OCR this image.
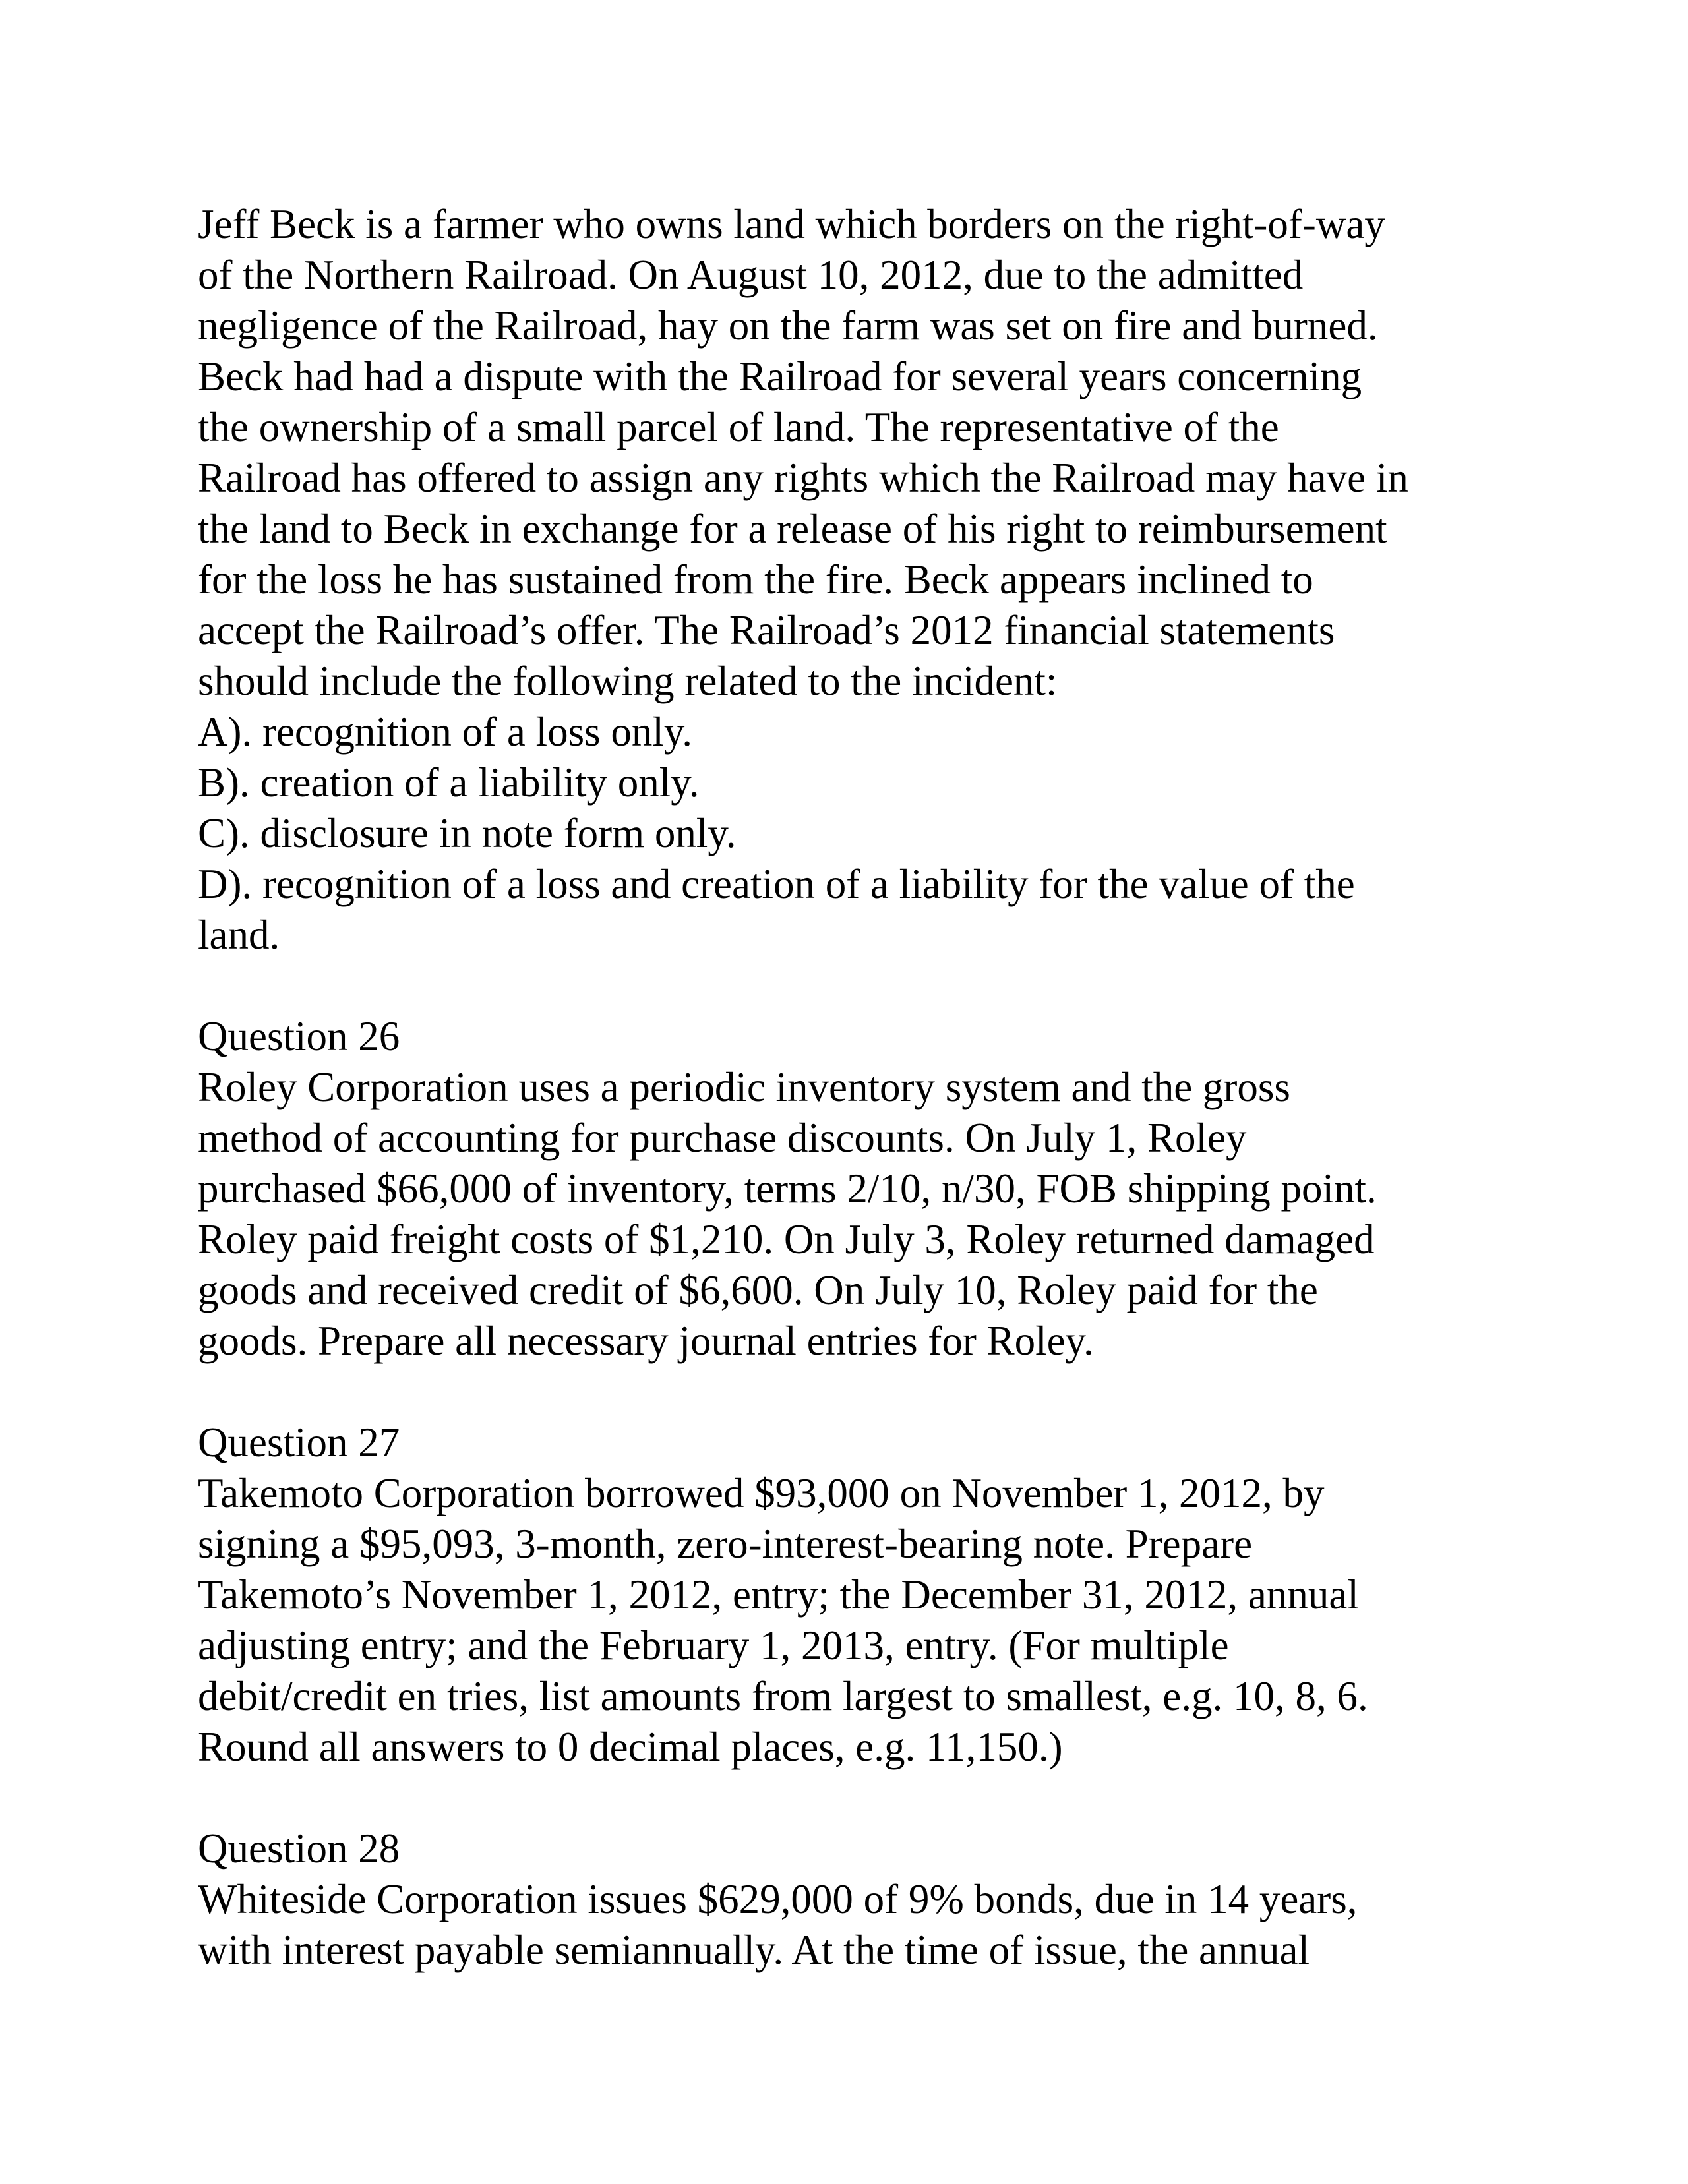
Jeff Beck is a farmer who owns land which borders on the right-of-way
of the Northern Railroad. On August 10, 2012, due to the admitted
negligence of the Railroad, hay on the farm was set on fire and burned.
Beck had had a dispute with the Railroad for several years concerning
the ownership of a small parcel of land. The representative of the
Railroad has offered to assign any rights which the Railroad may have in
the land to Beck in exchange for a release of his right to reimbursement
for the loss he has sustained from the fire. Beck appears inclined to
accept the Railroad’s offer. The Railroad’s 2012 financial statements
should include the following related to the incident:
A). recognition of a loss only.
B). creation of a liability only.
C). disclosure in note form only.
D). recognition of a loss and creation of a liability for the value of the
land.
Question 26
Roley Corporation uses a periodic inventory system and the gross
method of accounting for purchase discounts. On July 1, Roley
purchased $66,000 of inventory, terms 2/10, n/30, FOB shipping point.
Roley paid freight costs of $1,210. On July 3, Roley returned damaged
goods and received credit of $6,600. On July 10, Roley paid for the
goods. Prepare all necessary journal entries for Roley.
Question 27
Takemoto Corporation borrowed $93,000 on November 1, 2012, by
signing a $95,093, 3-month, zero-interest-bearing note. Prepare
Takemoto’s November 1, 2012, entry; the December 31, 2012, annual
adjusting entry; and the February 1, 2013, entry. (For multiple
debit/credit en tries, list amounts from largest to smallest, e.g. 10, 8, 6.
Round all answers to 0 decimal places, e.g. 11,150.)
Question 28
Whiteside Corporation issues $629,000 of 9% bonds, due in 14 years,
with interest payable semiannually. At the time of issue, the annual
